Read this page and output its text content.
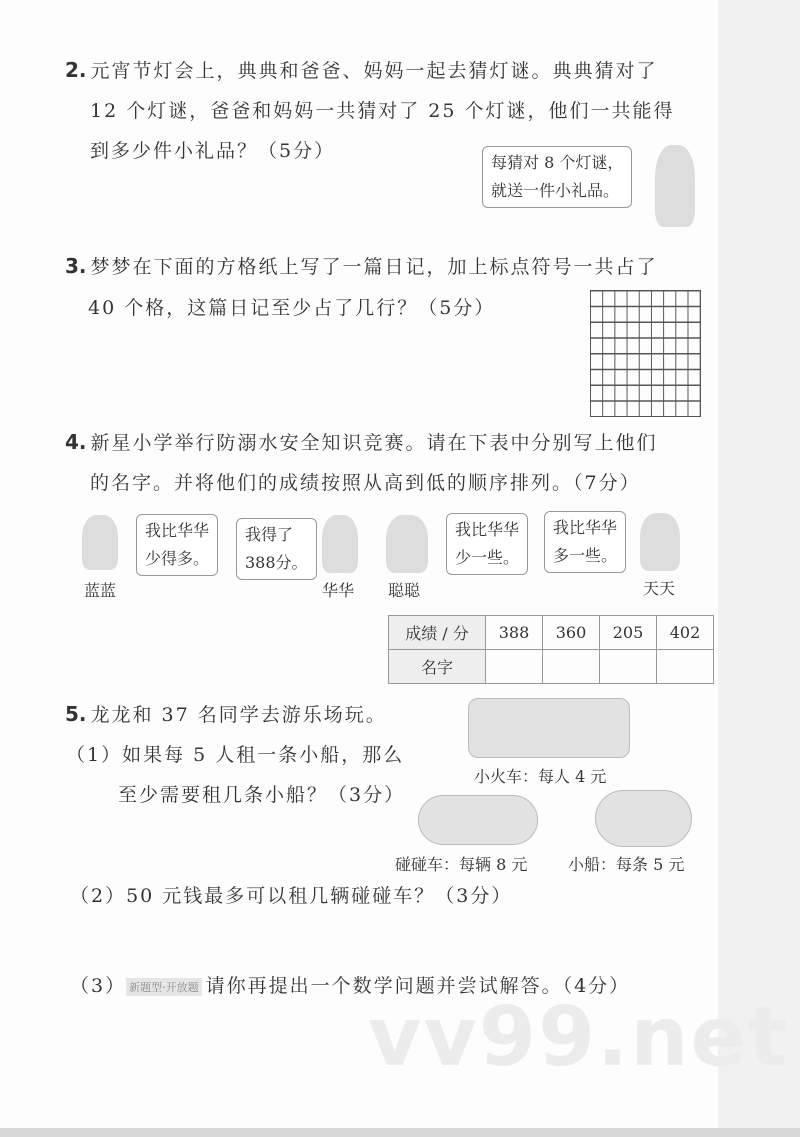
2. 元宵节灯会上，典典和爸爸、妈妈一起去猜灯谜。典典猜对了
12 个灯谜，爸爸和妈妈一共猜对了 25 个灯谜，他们一共能得
到多少件小礼品？（5分）
每猜对 8 个灯谜，
就送一件小礼品。
3. 梦梦在下面的方格纸上写了一篇日记，加上标点符号一共占了
40 个格，这篇日记至少占了几行？（5分）
4. 新星小学举行防溺水安全知识竞赛。请在下表中分别写上他们
的名字。并将他们的成绩按照从高到低的顺序排列。（7分）
我比华华
少得多。
蓝蓝
我得了
388分。
华华 聪聪
我比华华
少一些。
我比华华
多一些。
天天
成绩 / 分	388	360	205	402
名字				
5. 龙龙和 37 名同学去游乐场玩。
（1）如果每 5 人租一条小船，那么
至少需要租几条小船？（3分）
小火车：每人 4 元
碰碰车：每辆 8 元	小船：每条 5 元
（2）50 元钱最多可以租几辆碰碰车？（3分）
（3） 新题型·开放题 请你再提出一个数学问题并尝试解答。（4分）
vv99.net
